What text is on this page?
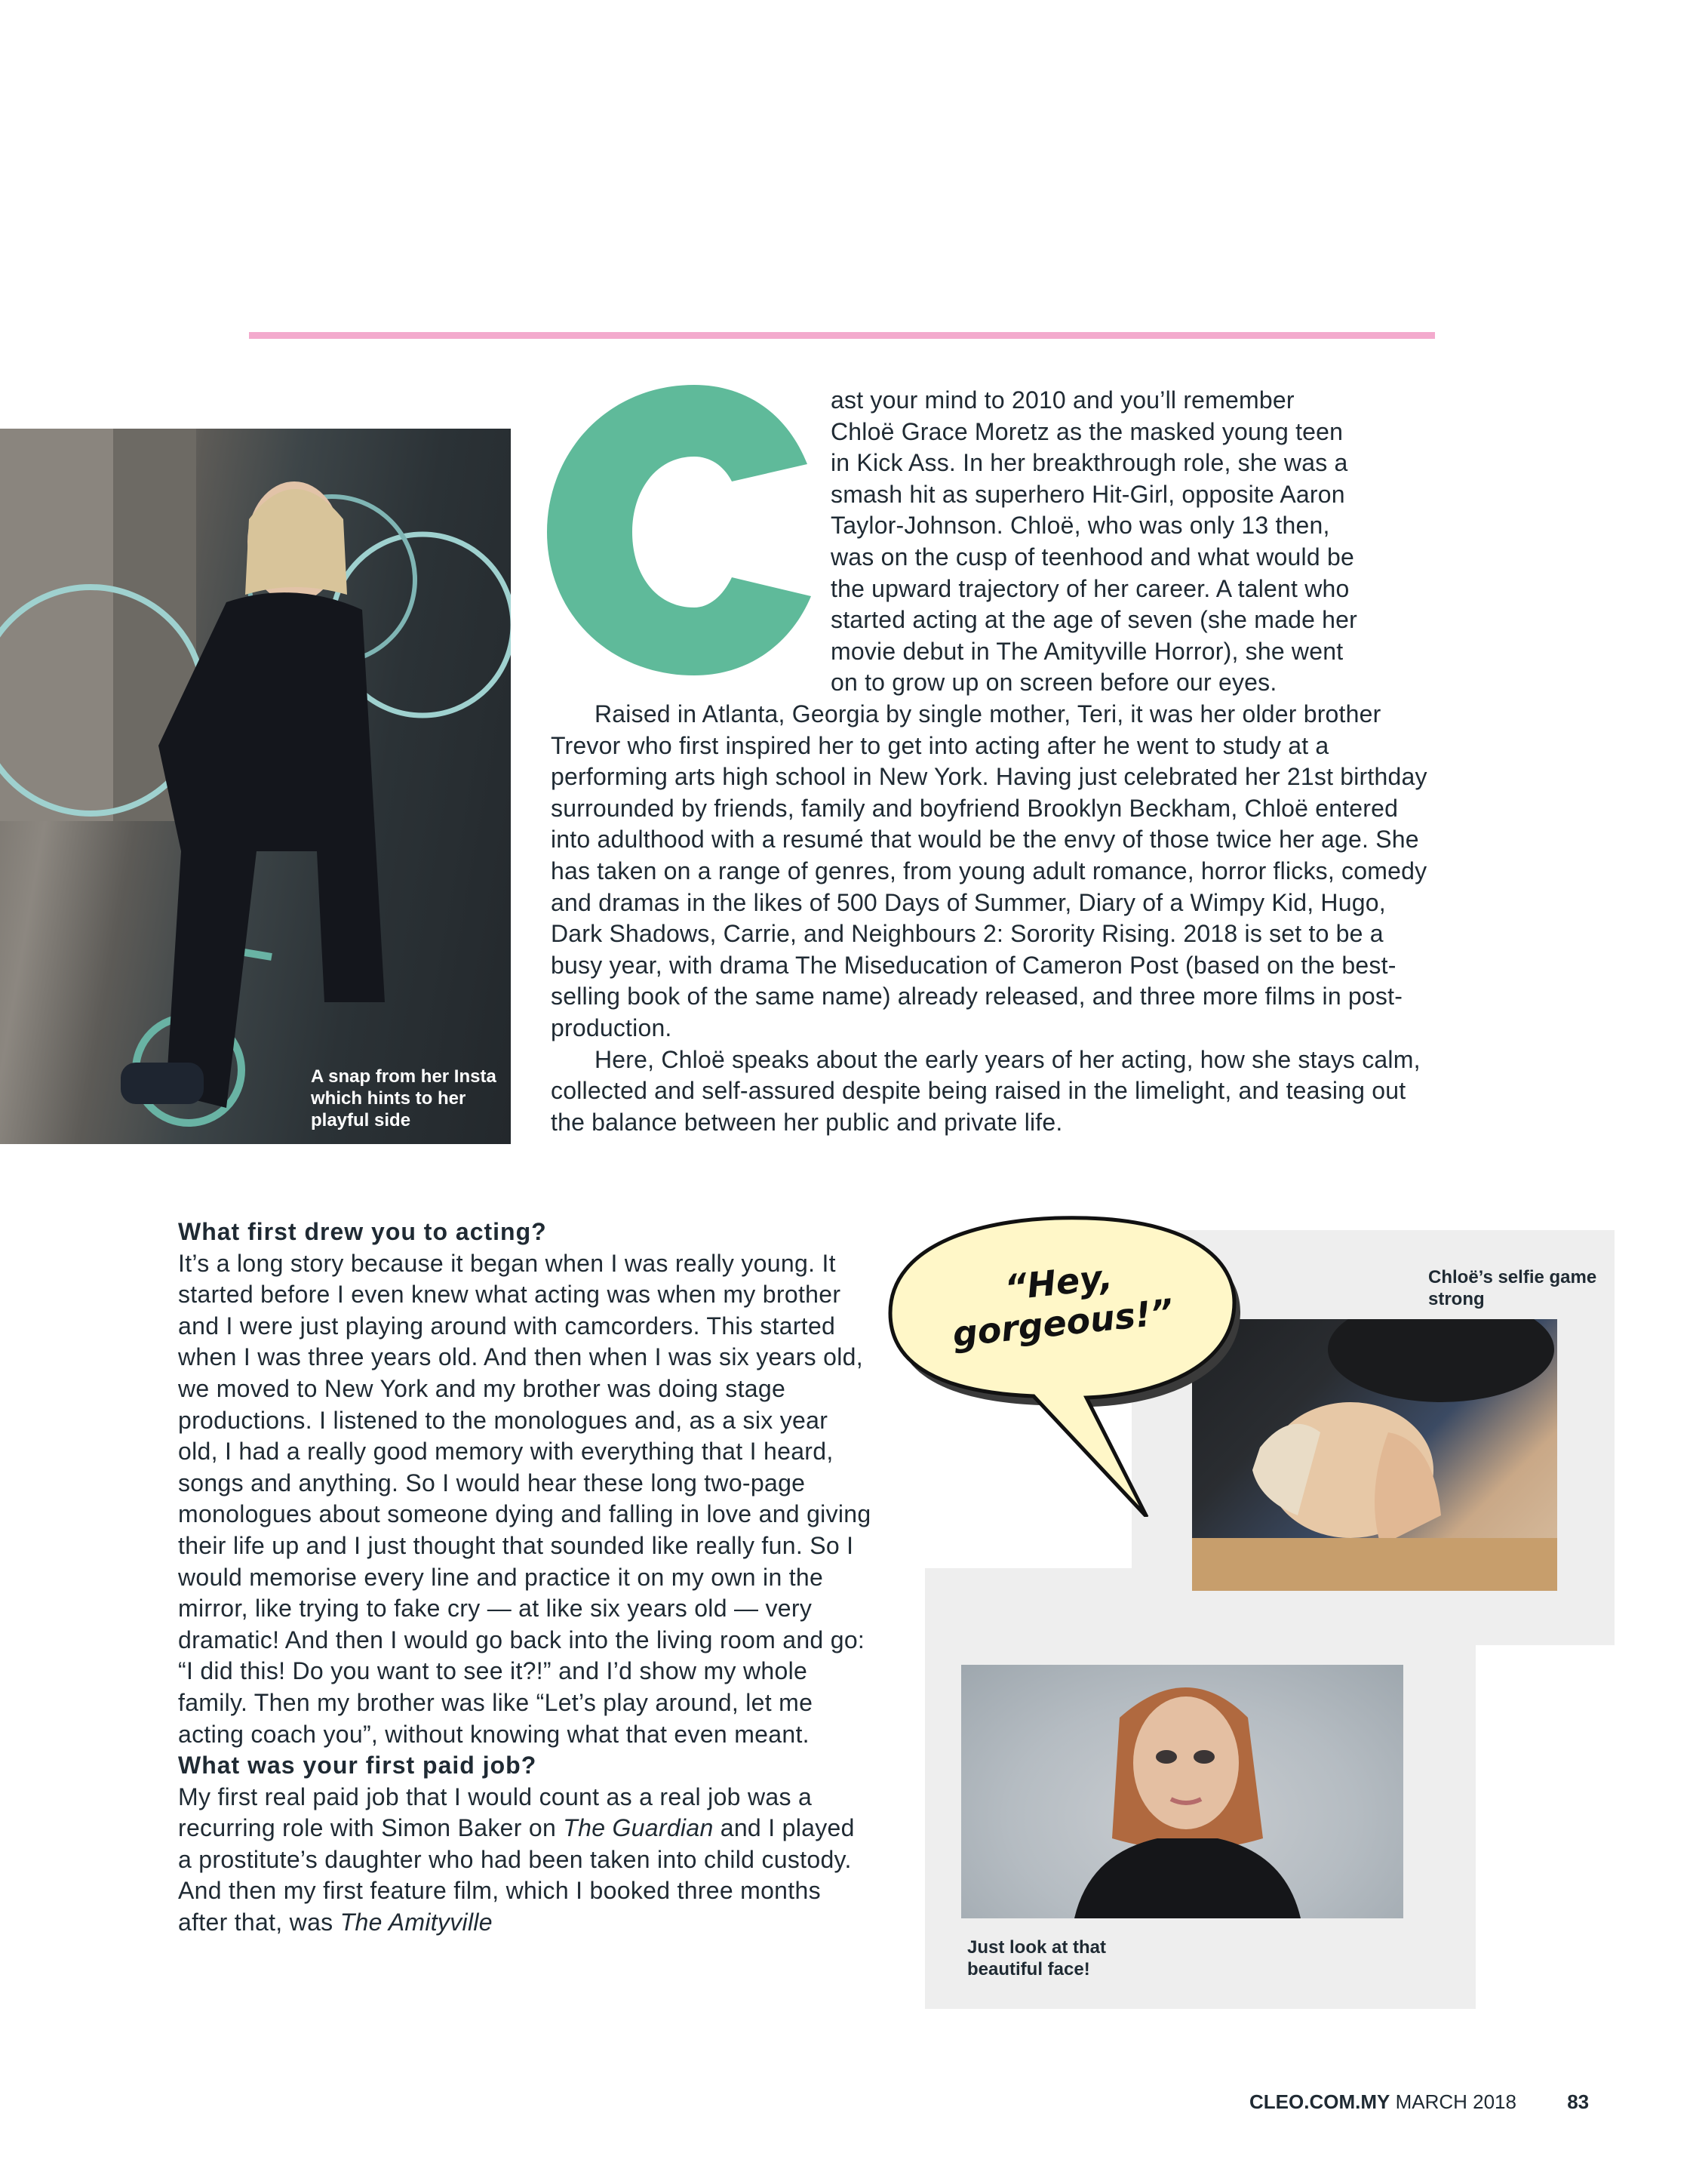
A snap from her Insta which hints to her playful side
ast your mind to 2010 and you’ll remember
Chloë Grace Moretz as the masked young teen
in Kick Ass. In her breakthrough role, she was a
smash hit as superhero Hit-Girl, opposite Aaron
Taylor-Johnson. Chloë, who was only 13 then,
was on the cusp of teenhood and what would be
the upward trajectory of her career. A talent who
started acting at the age of seven (she made her
movie debut in The Amityville Horror), she went
on to grow up on screen before our eyes.

Raised in Atlanta, Georgia by single mother, Teri, it was her older brother Trevor who first inspired her to get into acting after he went to study at a performing arts high school in New York. Having just celebrated her 21st birthday surrounded by friends, family and boyfriend Brooklyn Beckham, Chloë entered into adulthood with a resumé that would be the envy of those twice her age. She has taken on a range of genres, from young adult romance, horror flicks, comedy and dramas in the likes of 500 Days of Summer, Diary of a Wimpy Kid, Hugo, Dark Shadows, Carrie, and Neighbours 2: Sorority Rising. 2018 is set to be a busy year, with drama The Miseducation of Cameron Post (based on the best-selling book of the same name) already released, and three more films in post-production.

Here, Chloë speaks about the early years of her acting, how she stays calm, collected and self-assured despite being raised in the limelight, and teasing out the balance between her public and private life.

What first drew you to acting?

It’s a long story because it began when I was really young. It started before I even knew what acting was when my brother and I were just playing around with camcorders. This started when I was three years old. And then when I was six years old, we moved to New York and my brother was doing stage productions. I listened to the monologues and, as a six year old, I had a really good memory with everything that I heard, songs and anything. So I would hear these long two-page monologues about someone dying and falling in love and giving their life up and I just thought that sounded like really fun. So I would memorise every line and practice it on my own in the mirror, like trying to fake cry — at like six years old — very dramatic! And then I would go back into the living room and go: “I did this! Do you want to see it?!” and I’d show my whole family. Then my brother was like “Let’s play around, let me acting coach you”, without knowing what that even meant.

What was your first paid job?

My first real paid job that I would count as a real job was a recurring role with Simon Baker on The Guardian and I played a prostitute’s daughter who had been taken into child custody. And then my first feature film, which I booked three months after that, was The Amityville

Chloë’s selfie game strong
Just look at that beautiful face!
“Hey, gorgeous!”
CLEO.COM.MY MARCH 2018	83
